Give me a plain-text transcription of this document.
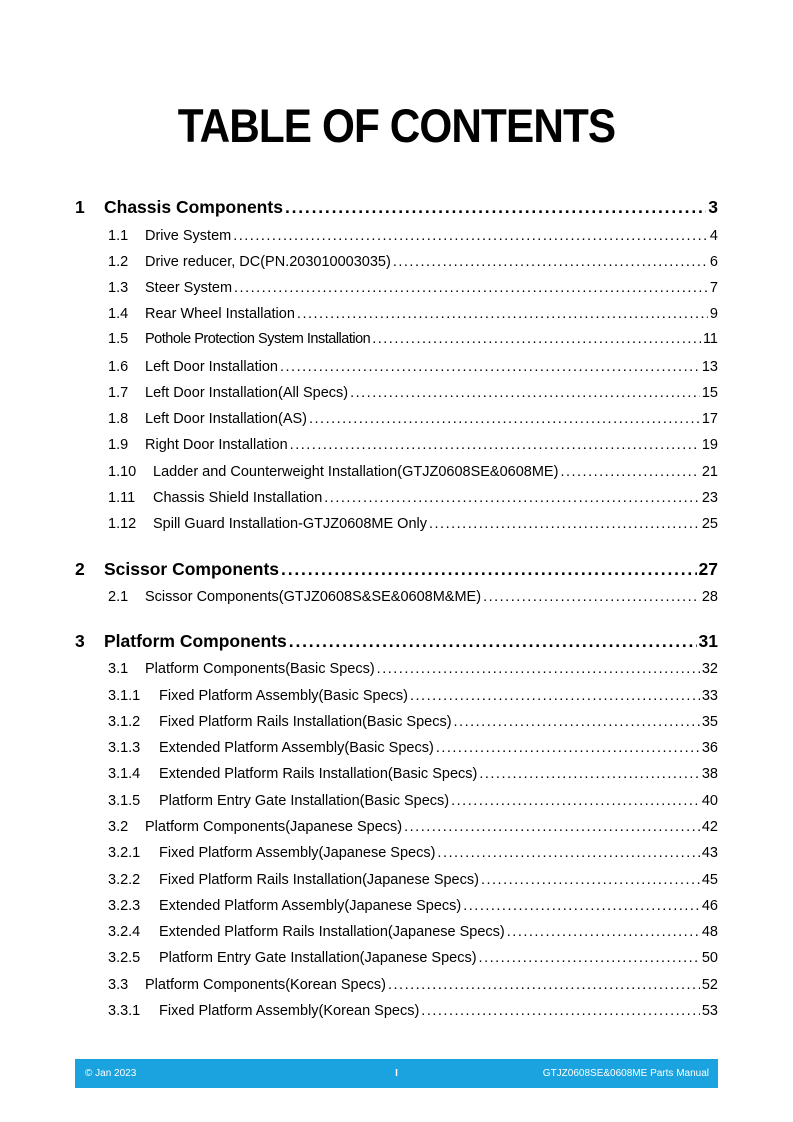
TABLE OF CONTENTS
1	Chassis Components .....	3
1.1	Drive System .....	4
1.2	Drive reducer, DC(PN.203010003035) .....	6
1.3	Steer System .....	7
1.4	Rear Wheel Installation .....	9
1.5	Pothole Protection System Installation .....	11
1.6	Left Door Installation .....	13
1.7	Left Door Installation(All Specs) .....	15
1.8	Left Door Installation(AS) .....	17
1.9	Right Door Installation .....	19
1.10	Ladder and Counterweight Installation(GTJZ0608SE&0608ME) .....	21
1.11	Chassis Shield Installation .....	23
1.12	Spill Guard Installation-GTJZ0608ME Only .....	25
2	Scissor Components .....	27
2.1	Scissor Components(GTJZ0608S&SE&0608M&ME) .....	28
3	Platform Components .....	31
3.1	Platform Components(Basic Specs) .....	32
3.1.1	Fixed Platform Assembly(Basic Specs) .....	33
3.1.2	Fixed Platform Rails Installation(Basic Specs) .....	35
3.1.3	Extended Platform Assembly(Basic Specs) .....	36
3.1.4	Extended Platform Rails Installation(Basic Specs) .....	38
3.1.5	Platform Entry Gate Installation(Basic Specs) .....	40
3.2	Platform Components(Japanese Specs) .....	42
3.2.1	Fixed Platform Assembly(Japanese Specs) .....	43
3.2.2	Fixed Platform Rails Installation(Japanese Specs) .....	45
3.2.3	Extended Platform Assembly(Japanese Specs) .....	46
3.2.4	Extended Platform Rails Installation(Japanese Specs) .....	48
3.2.5	Platform Entry Gate Installation(Japanese Specs) .....	50
3.3	Platform Components(Korean Specs) .....	52
3.3.1	Fixed Platform Assembly(Korean Specs) .....	53
© Jan 2023	I	GTJZ0608SE&0608ME Parts Manual
